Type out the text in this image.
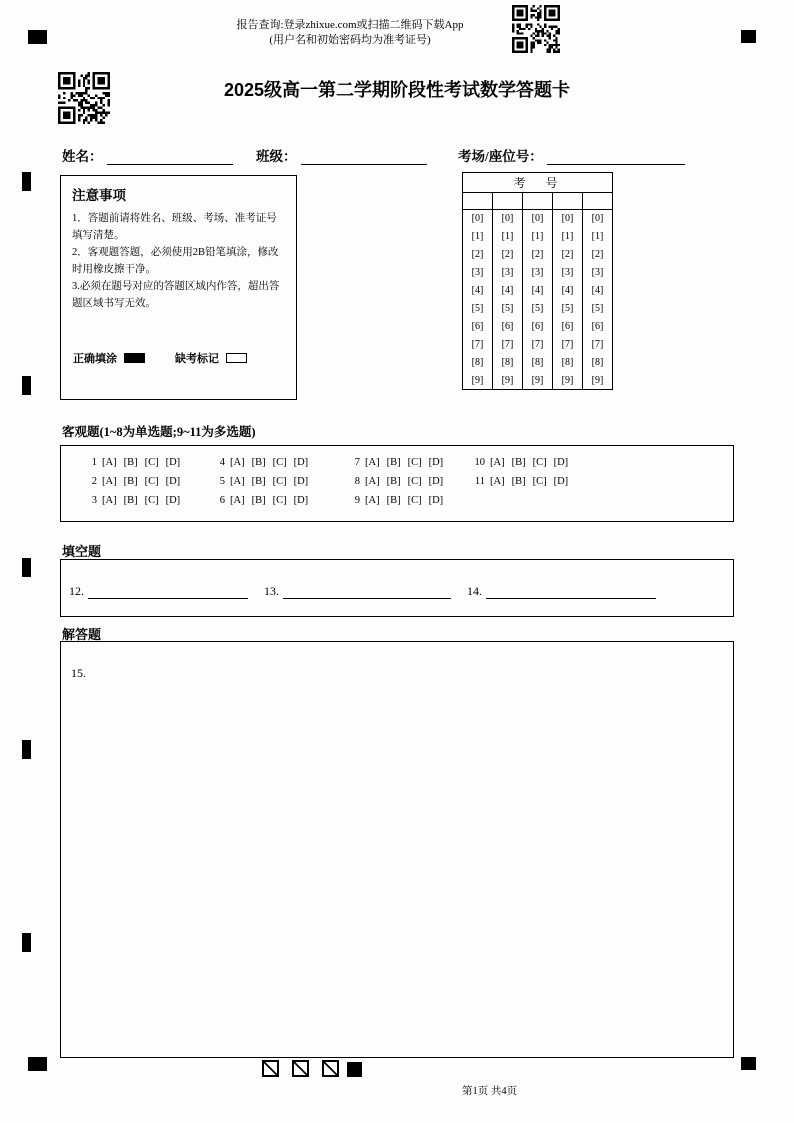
报告查询:登录zhixue.com或扫描二维码下载App
(用户名和初始密码均为准考证号)
2025级高一第二学期阶段性考试数学答题卡
姓名：	班级：	考场/座位号：
注意事项
1．答题前请将姓名、班级、考场、准考证号填写清楚。
2．客观题答题，必须使用2B铅笔填涂，修改时用橡皮擦干净。
3.必须在题号对应的答题区域内作答，超出答题区域书写无效。
正确填涂	缺考标记
考　号				

[0]	[0]	[0]	[0]	[0]
[1]	[1]	[1]	[1]	[1]
[2]	[2]	[2]	[2]	[2]
[3]	[3]	[3]	[3]	[3]
[4]	[4]	[4]	[4]	[4]
[5]	[5]	[5]	[5]	[5]
[6]	[6]	[6]	[6]	[6]
[7]	[7]	[7]	[7]	[7]
[8]	[8]	[8]	[8]	[8]
[9]	[9]	[9]	[9]	[9]
客观题(1~8为单选题;9~11为多选题)
1 [A] [B] [C] [D]	4 [A] [B] [C] [D]	7 [A] [B] [C] [D]	10 [A] [B] [C] [D]
2 [A] [B] [C] [D]	5 [A] [B] [C] [D]	8 [A] [B] [C] [D]	11 [A] [B] [C] [D]
3 [A] [B] [C] [D]	6 [A] [B] [C] [D]	9 [A] [B] [C] [D]
填空题
12.	13.	14.
解答题
15.
第1页 共4页
